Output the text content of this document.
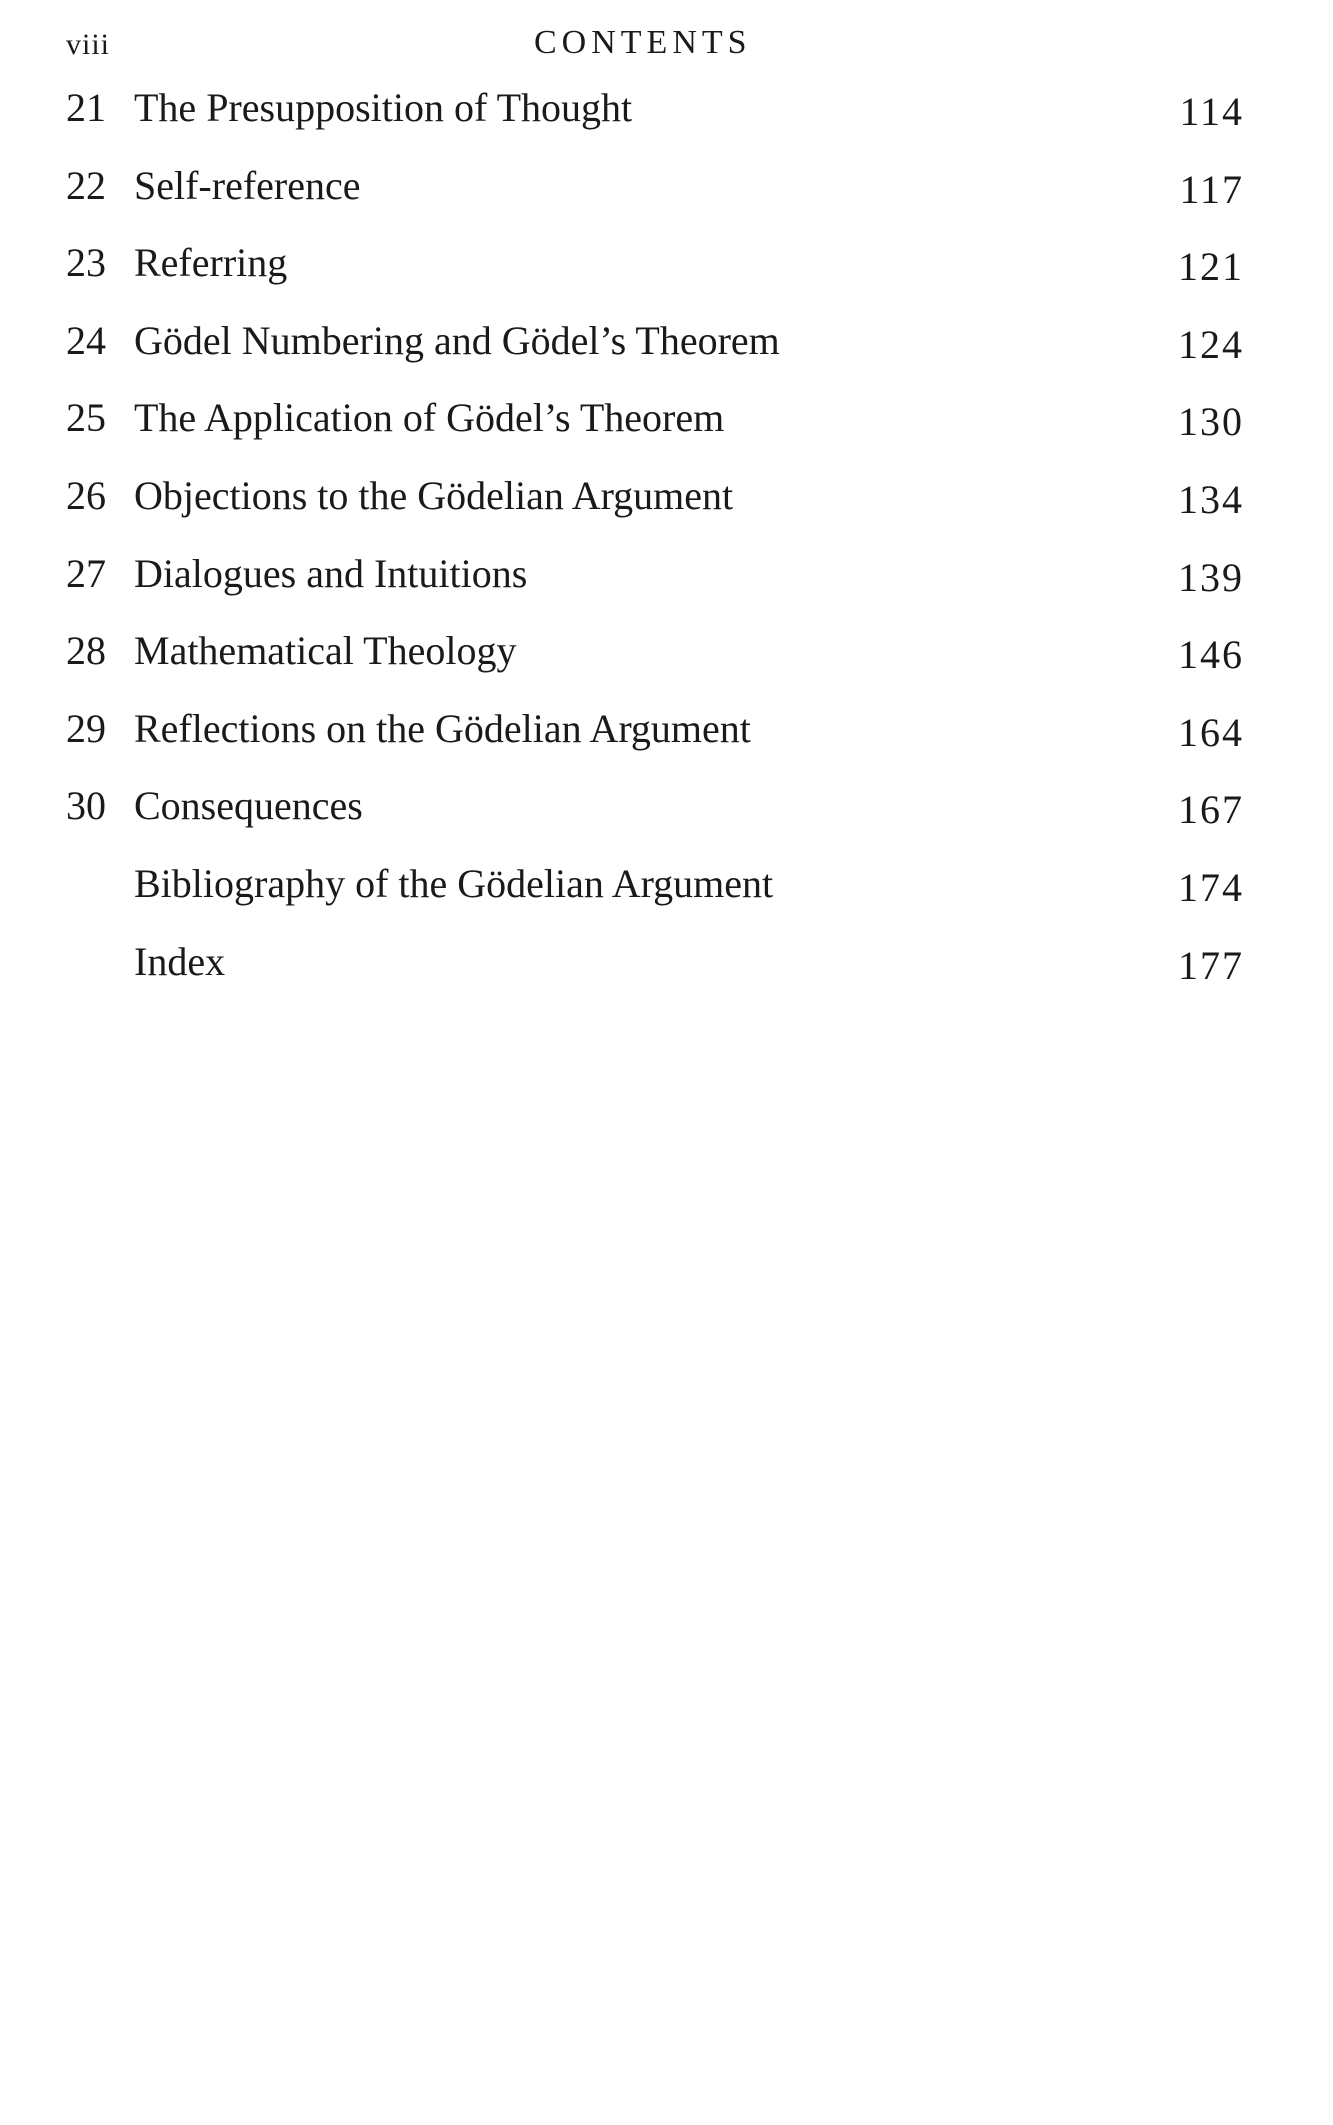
viii	CONTENTS
21 The Presupposition of Thought	114
22 Self-reference	117
23 Referring	121
24 Gödel Numbering and Gödel’s Theorem	124
25 The Application of Gödel’s Theorem	130
26 Objections to the Gödelian Argument	134
27 Dialogues and Intuitions	139
28 Mathematical Theology	146
29 Reflections on the Gödelian Argument	164
30 Consequences	167
Bibliography of the Gödelian Argument	174
Index	177
